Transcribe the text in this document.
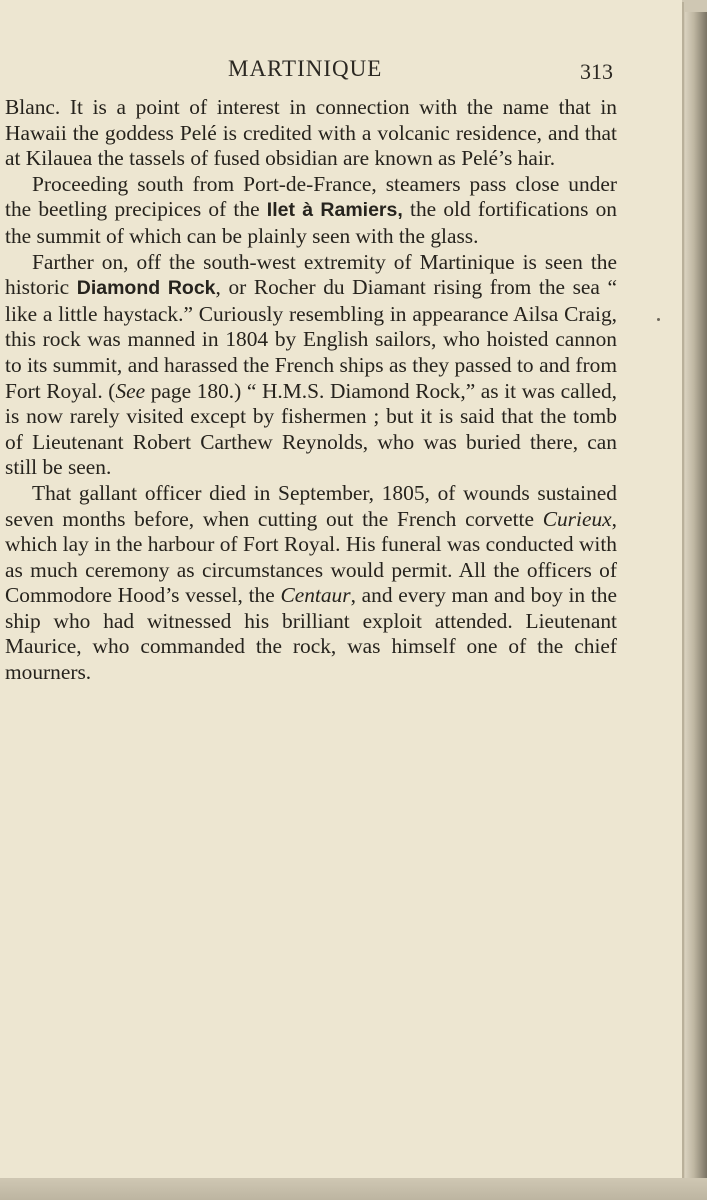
MARTINIQUE	313

Blanc. It is a point of interest in connection with the name that in Hawaii the goddess Pelé is credited with a volcanic residence, and that at Kilauea the tassels of fused obsidian are known as Pelé’s hair.

Proceeding south from Port-de-France, steamers pass close under the beetling precipices of the Ilet à Ramiers, the old fortifications on the summit of which can be plainly seen with the glass.

Farther on, off the south-west extremity of Martinique is seen the historic Diamond Rock, or Rocher du Diamant rising from the sea “ like a little haystack.” Curiously resembling in appearance Ailsa Craig, this rock was manned in 1804 by English sailors, who hoisted cannon to its summit, and harassed the French ships as they passed to and from Fort Royal. (See page 180.) “ H.M.S. Diamond Rock,” as it was called, is now rarely visited except by fishermen ; but it is said that the tomb of Lieutenant Robert Carthew Reynolds, who was buried there, can still be seen.

That gallant officer died in September, 1805, of wounds sustained seven months before, when cutting out the French corvette Curieux, which lay in the harbour of Fort Royal. His funeral was conducted with as much ceremony as circumstances would permit. All the officers of Commodore Hood’s vessel, the Centaur, and every man and boy in the ship who had witnessed his brilliant exploit attended. Lieutenant Maurice, who commanded the rock, was himself one of the chief mourners.
